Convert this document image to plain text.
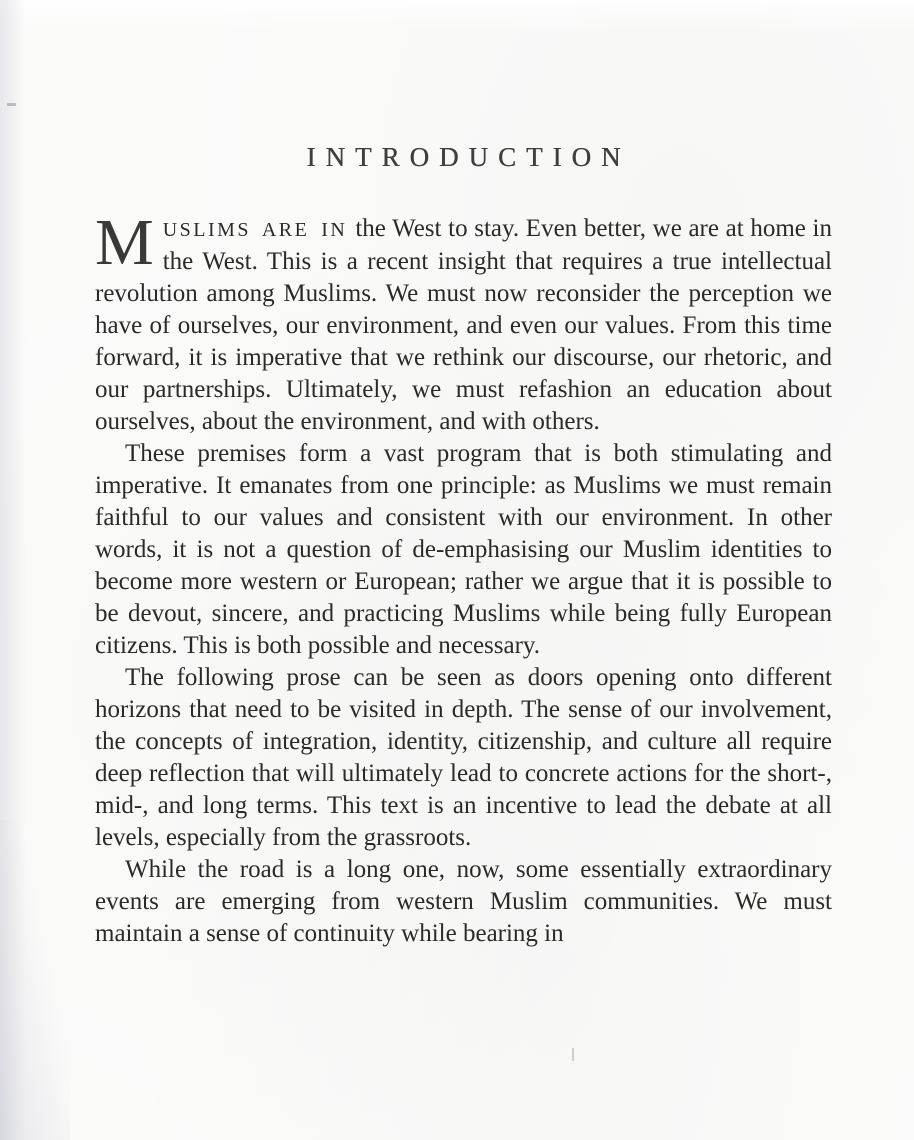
INTRODUCTION

MUSLIMS ARE IN the West to stay. Even better, we are at home in the West. This is a recent insight that requires a true intellectual revolution among Muslims. We must now reconsider the perception we have of ourselves, our environment, and even our values. From this time forward, it is imperative that we rethink our discourse, our rhetoric, and our partnerships. Ultimately, we must refashion an education about ourselves, about the environment, and with others.

These premises form a vast program that is both stimulating and imperative. It emanates from one principle: as Muslims we must remain faithful to our values and consistent with our environment. In other words, it is not a question of de-emphasising our Muslim identities to become more western or European; rather we argue that it is possible to be devout, sincere, and practicing Muslims while being fully European citizens. This is both possible and necessary.

The following prose can be seen as doors opening onto different horizons that need to be visited in depth. The sense of our involvement, the concepts of integration, identity, citizenship, and culture all require deep reflection that will ultimately lead to concrete actions for the short-, mid-, and long terms. This text is an incentive to lead the debate at all levels, especially from the grassroots.

While the road is a long one, now, some essentially extraordinary events are emerging from western Muslim communities. We must maintain a sense of continuity while bearing in
